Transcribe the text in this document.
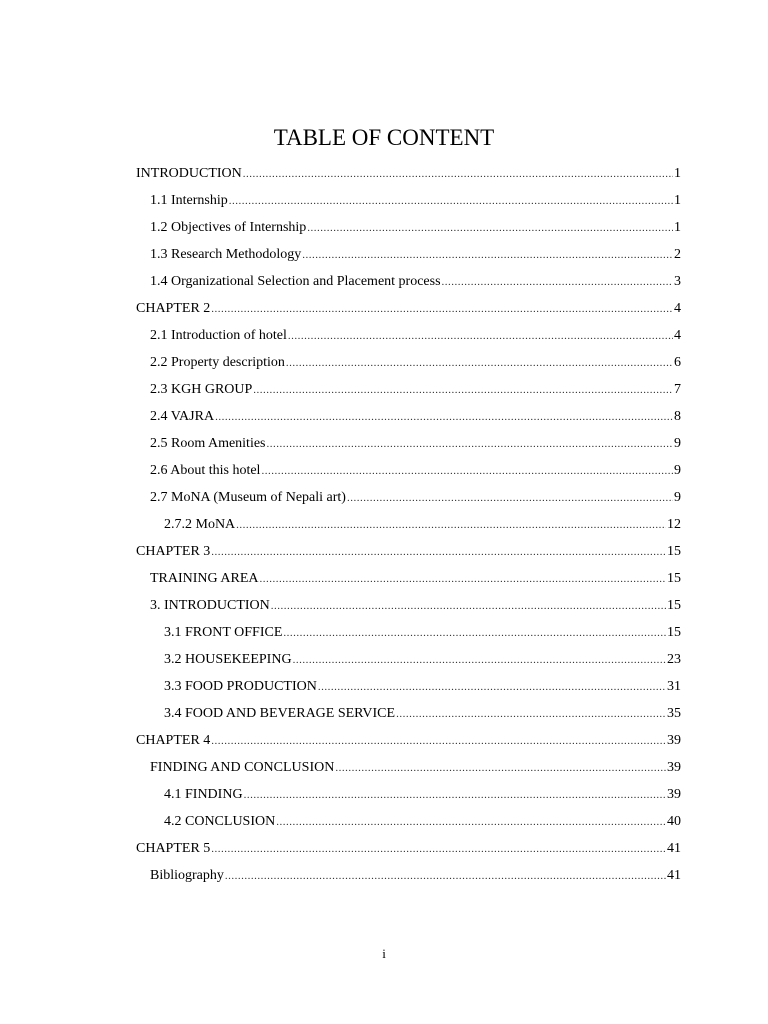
TABLE OF CONTENT
INTRODUCTION .....	1
1.1 Internship .....	1
1.2 Objectives of Internship .....	1
1.3 Research Methodology .....	2
1.4 Organizational Selection and Placement process .....	3
CHAPTER 2 .....	4
2.1 Introduction of hotel .....	4
2.2 Property description .....	6
2.3 KGH GROUP .....	7
2.4 VAJRA .....	8
2.5 Room Amenities .....	9
2.6 About this hotel .....	9
2.7 MoNA (Museum of Nepali art) .....	9
2.7.2 MoNA .....	12
CHAPTER 3 .....	15
TRAINING AREA .....	15
3. INTRODUCTION .....	15
3.1 FRONT OFFICE .....	15
3.2 HOUSEKEEPING .....	23
3.3 FOOD PRODUCTION .....	31
3.4 FOOD AND BEVERAGE SERVICE .....	35
CHAPTER 4 .....	39
FINDING AND CONCLUSION .....	39
4.1 FINDING .....	39
4.2 CONCLUSION .....	40
CHAPTER 5 .....	41
Bibliography .....	41
i
